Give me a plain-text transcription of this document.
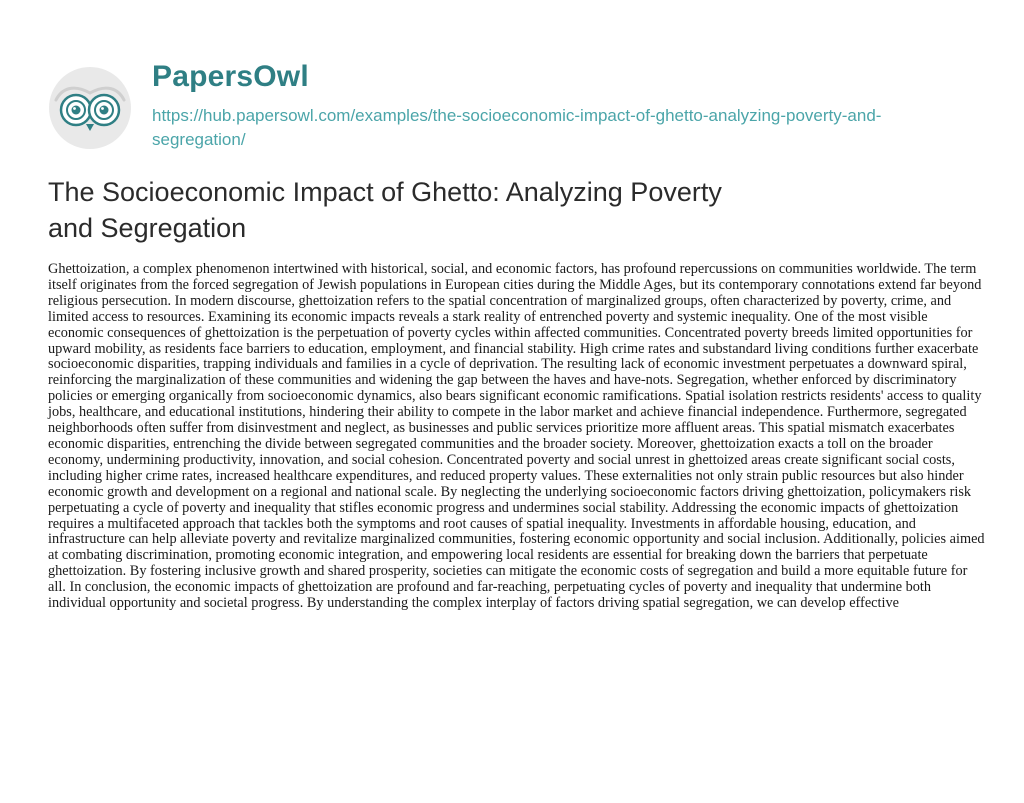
PapersOwl
https://hub.papersowl.com/examples/the-socioeconomic-impact-of-ghetto-analyzing-poverty-and-segregation/
The Socioeconomic Impact of Ghetto: Analyzing Poverty and Segregation

Ghettoization, a complex phenomenon intertwined with historical, social, and economic factors, has profound repercussions on communities worldwide. The term itself originates from the forced segregation of Jewish populations in European cities during the Middle Ages, but its contemporary connotations extend far beyond religious persecution. In modern discourse, ghettoization refers to the spatial concentration of marginalized groups, often characterized by poverty, crime, and limited access to resources. Examining its economic impacts reveals a stark reality of entrenched poverty and systemic inequality. One of the most visible economic consequences of ghettoization is the perpetuation of poverty cycles within affected communities. Concentrated poverty breeds limited opportunities for upward mobility, as residents face barriers to education, employment, and financial stability. High crime rates and substandard living conditions further exacerbate socioeconomic disparities, trapping individuals and families in a cycle of deprivation. The resulting lack of economic investment perpetuates a downward spiral, reinforcing the marginalization of these communities and widening the gap between the haves and have-nots. Segregation, whether enforced by discriminatory policies or emerging organically from socioeconomic dynamics, also bears significant economic ramifications. Spatial isolation restricts residents' access to quality jobs, healthcare, and educational institutions, hindering their ability to compete in the labor market and achieve financial independence. Furthermore, segregated neighborhoods often suffer from disinvestment and neglect, as businesses and public services prioritize more affluent areas. This spatial mismatch exacerbates economic disparities, entrenching the divide between segregated communities and the broader society. Moreover, ghettoization exacts a toll on the broader economy, undermining productivity, innovation, and social cohesion. Concentrated poverty and social unrest in ghettoized areas create significant social costs, including higher crime rates, increased healthcare expenditures, and reduced property values. These externalities not only strain public resources but also hinder economic growth and development on a regional and national scale. By neglecting the underlying socioeconomic factors driving ghettoization, policymakers risk perpetuating a cycle of poverty and inequality that stifles economic progress and undermines social stability. Addressing the economic impacts of ghettoization requires a multifaceted approach that tackles both the symptoms and root causes of spatial inequality. Investments in affordable housing, education, and infrastructure can help alleviate poverty and revitalize marginalized communities, fostering economic opportunity and social inclusion. Additionally, policies aimed at combating discrimination, promoting economic integration, and empowering local residents are essential for breaking down the barriers that perpetuate ghettoization. By fostering inclusive growth and shared prosperity, societies can mitigate the economic costs of segregation and build a more equitable future for all. In conclusion, the economic impacts of ghettoization are profound and far-reaching, perpetuating cycles of poverty and inequality that undermine both individual opportunity and societal progress. By understanding the complex interplay of factors driving spatial segregation, we can develop effective
